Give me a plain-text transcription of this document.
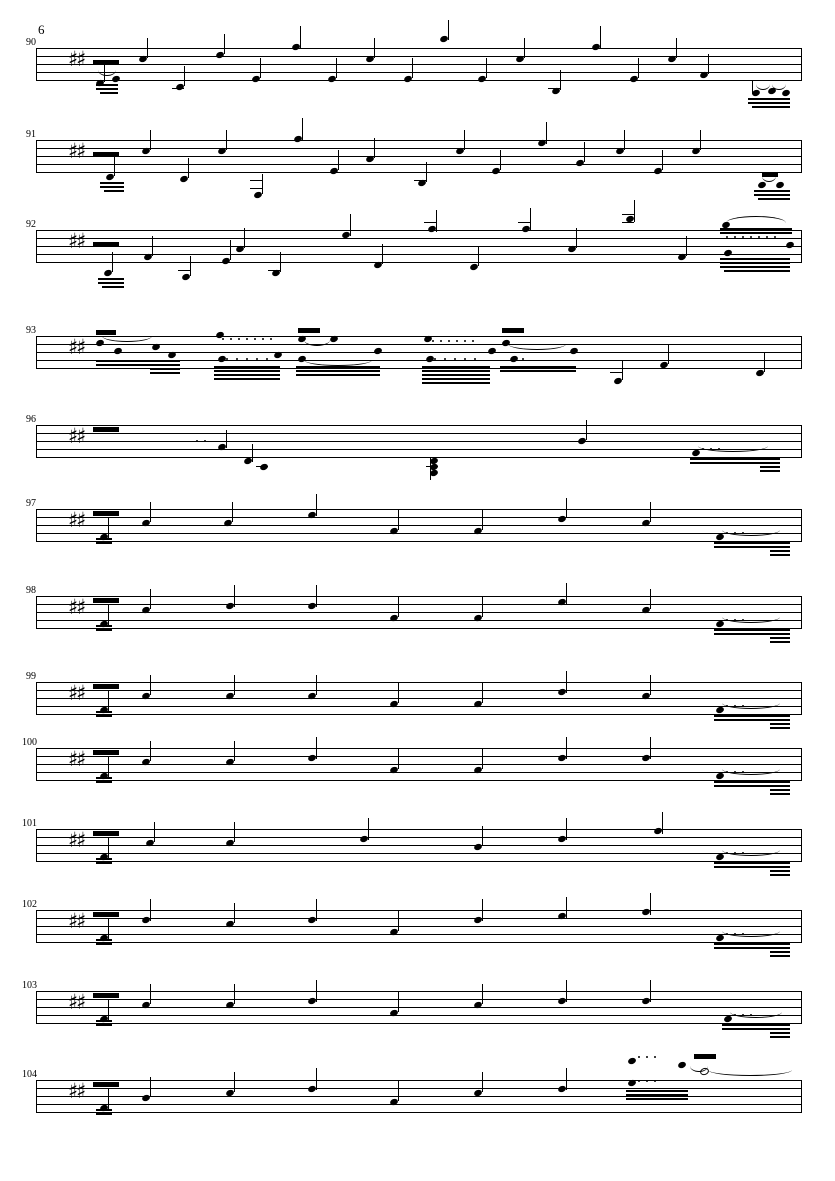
6
90
♯♯
91
♯♯
92
♯♯
93
♯♯
96
♯♯
97
♯♯
98
♯♯
99
♯♯
100
♯♯
101
♯♯
102
♯♯
103
♯♯
104
♯♯
